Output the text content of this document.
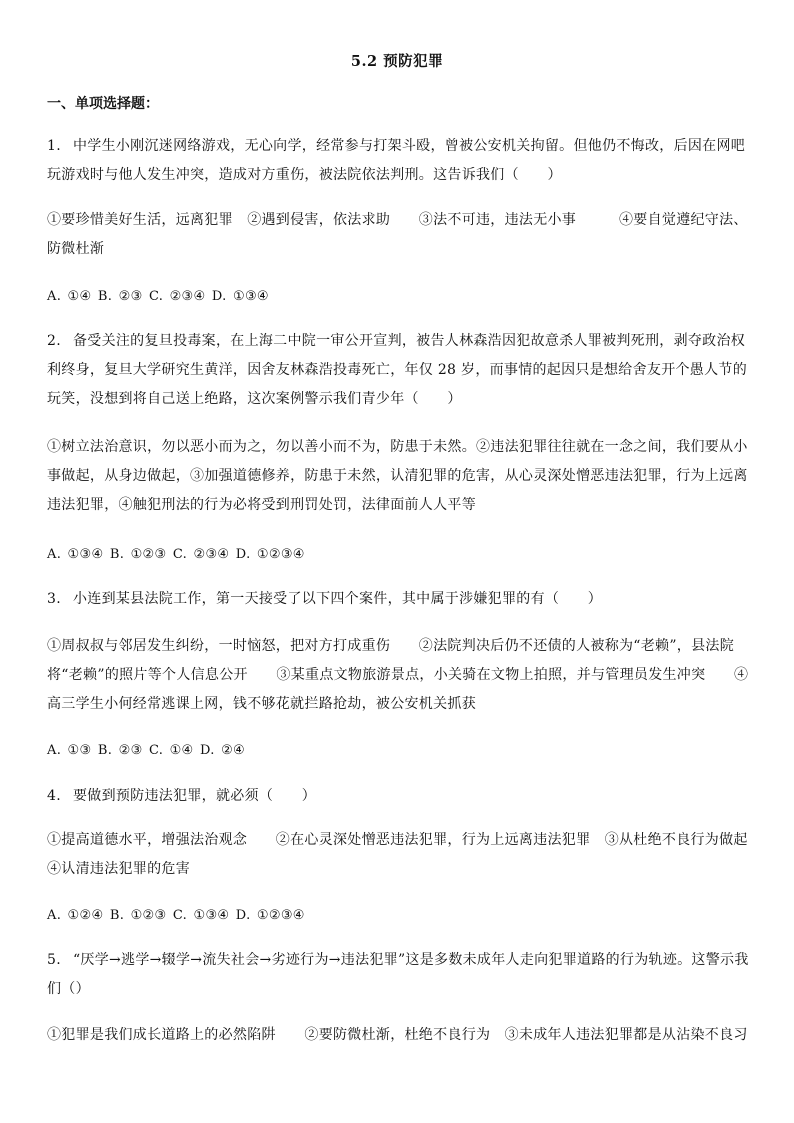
5.2 预防犯罪
一、单项选择题：
1. 中学生小刚沉迷网络游戏，无心向学，经常参与打架斗殴，曾被公安机关拘留。但他仍不悔改，后因在网吧玩游戏时与他人发生冲突，造成对方重伤，被法院依法判刑。这告诉我们（　　）
①要珍惜美好生活，远离犯罪　②遇到侵害，依法求助　　③法不可违，违法无小事　　　④要自觉遵纪守法、防微杜渐
A. ①④ B. ②③ C. ②③④ D. ①③④
2. 备受关注的复旦投毒案，在上海二中院一审公开宣判，被告人林森浩因犯故意杀人罪被判死刑，剥夺政治权利终身，复旦大学研究生黄洋，因舍友林森浩投毒死亡，年仅 28 岁，而事情的起因只是想给舍友开个愚人节的玩笑，没想到将自己送上绝路，这次案例警示我们青少年（　　）
①树立法治意识，勿以恶小而为之，勿以善小而不为，防患于未然。②违法犯罪往往就在一念之间，我们要从小事做起，从身边做起，③加强道德修养，防患于未然，认清犯罪的危害，从心灵深处憎恶违法犯罪，行为上远离违法犯罪，④触犯刑法的行为必将受到刑罚处罚，法律面前人人平等
A. ①③④ B. ①②③ C. ②③④ D. ①②③④
3. 小连到某县法院工作，第一天接受了以下四个案件，其中属于涉嫌犯罪的有（　　）
①周叔叔与邻居发生纠纷，一时恼怒，把对方打成重伤　　②法院判决后仍不还债的人被称为“老赖”，县法院将“老赖”的照片等个人信息公开　　③某重点文物旅游景点，小关骑在文物上拍照，并与管理员发生冲突　　④高三学生小何经常逃课上网，钱不够花就拦路抢劫，被公安机关抓获
A. ①③ B. ②③ C. ①④ D. ②④
4. 要做到预防违法犯罪，就必须（　　）
①提高道德水平，增强法治观念　　②在心灵深处憎恶违法犯罪，行为上远离违法犯罪　③从杜绝不良行为做起　④认清违法犯罪的危害
A. ①②④ B. ①②③ C. ①③④ D. ①②③④
5. “厌学→逃学→辍学→流失社会→劣迹行为→违法犯罪”这是多数未成年人走向犯罪道路的行为轨迹。这警示我们（）
①犯罪是我们成长道路上的必然陷阱　　②要防微杜渐，杜绝不良行为　③未成年人违法犯罪都是从沾染不良习
